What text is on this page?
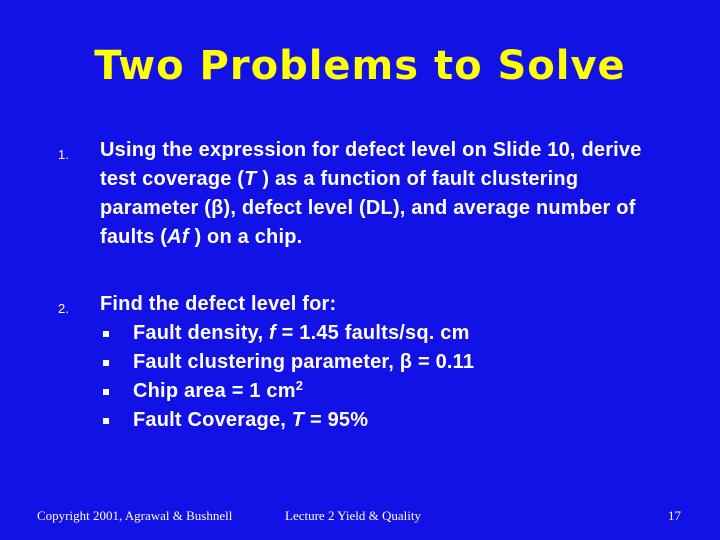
Two Problems to Solve
1. Using the expression for defect level on Slide 10, derive test coverage (T ) as a function of fault clustering parameter (β), defect level (DL), and average number of faults (Af ) on a chip.
2. Find the defect level for:
Fault density, f = 1.45 faults/sq. cm
Fault clustering parameter, β = 0.11
Chip area = 1 $cm^2$
Fault Coverage, T = 95%
Copyright 2001, Agrawal & Bushnell	Lecture 2 Yield & Quality	17
